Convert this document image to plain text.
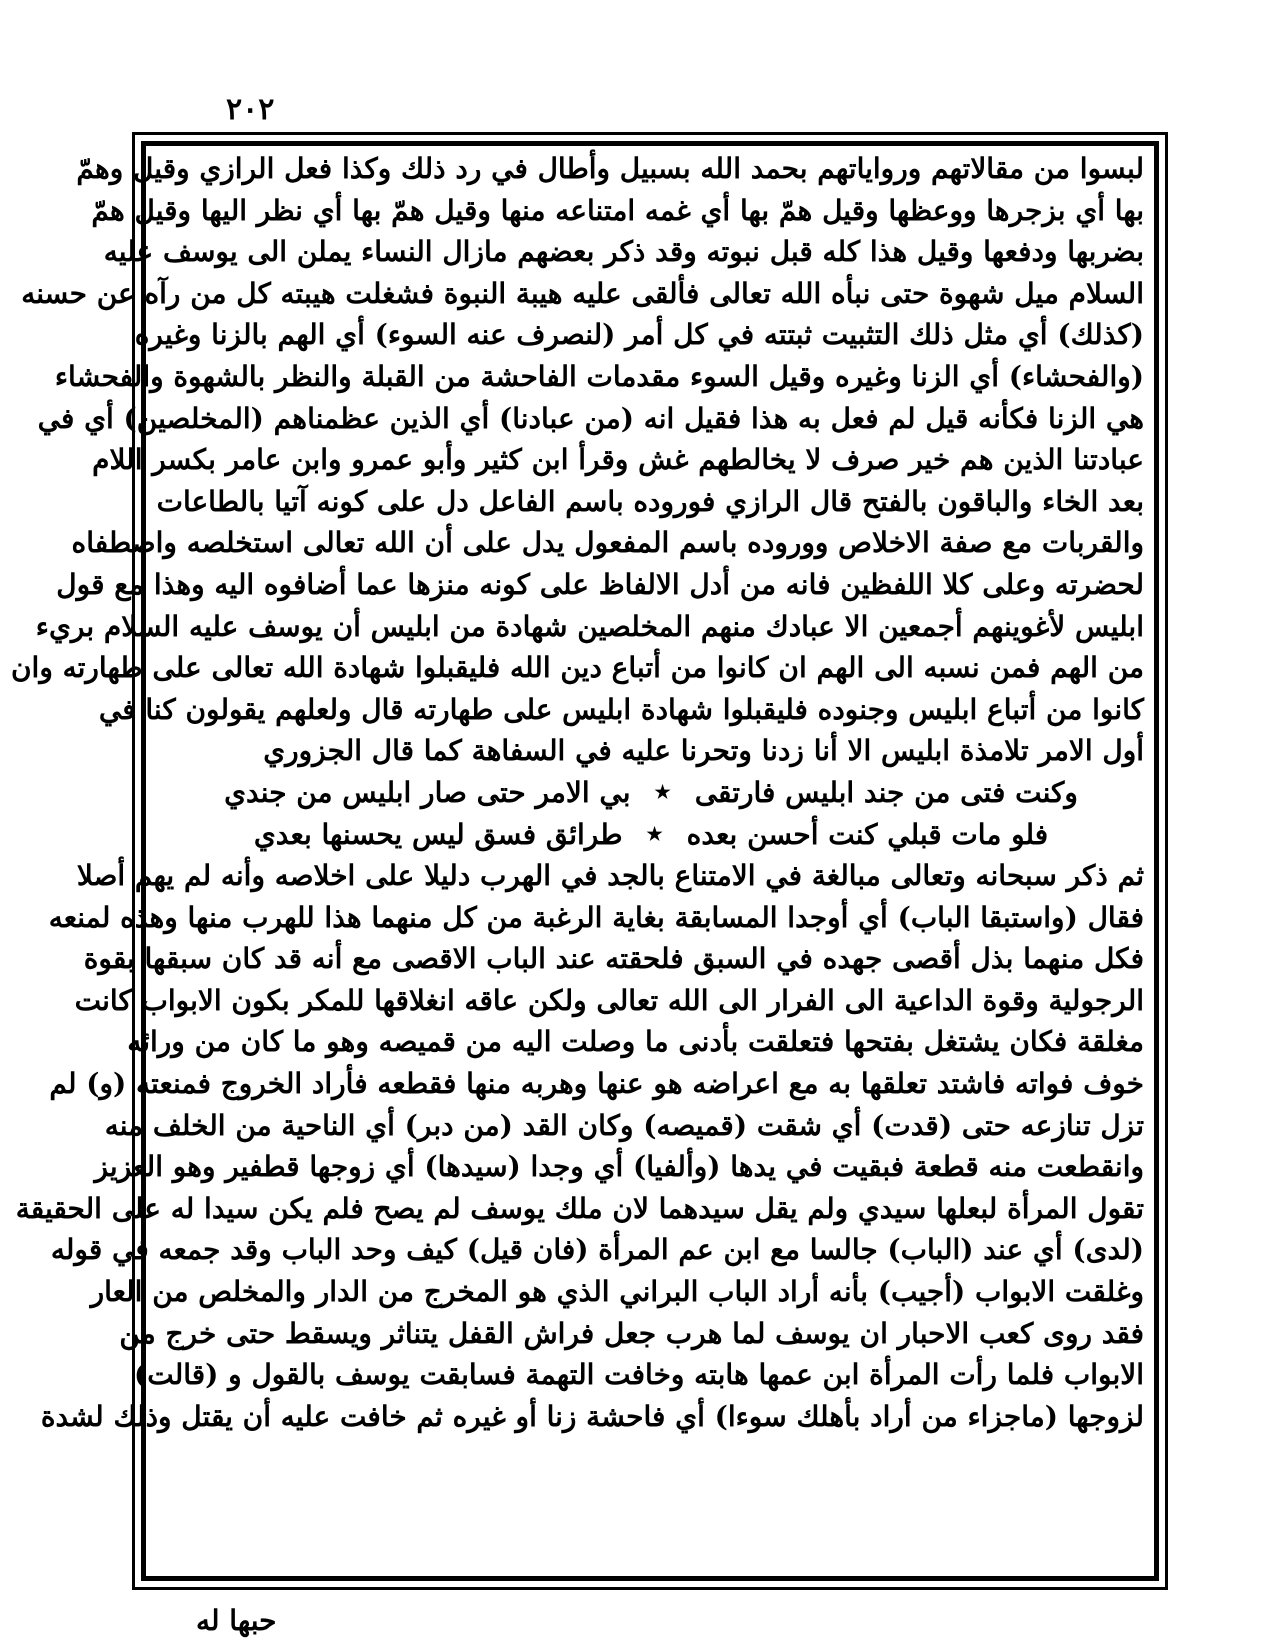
٢٠٢
لبسوا من مقالاتهم ورواياتهم بحمد الله بسبيل وأطال في رد ذلك وكذا فعل الرازي وقيل وهمّ
بها أي بزجرها ووعظها وقيل همّ بها أي غمه امتناعه منها وقيل همّ بها أي نظر اليها وقيل همّ
بضربها ودفعها وقيل هذا كله قبل نبوته وقد ذكر بعضهم مازال النساء يملن الى يوسف عليه
السلام ميل شهوة حتى نبأه الله تعالى فألقى عليه هيبة النبوة فشغلت هيبته كل من رآه عن حسنه
(كذلك) أي مثل ذلك التثبيت ثبتته في كل أمر (لنصرف عنه السوء) أي الهم بالزنا وغيره
(والفحشاء) أي الزنا وغيره وقيل السوء مقدمات الفاحشة من القبلة والنظر بالشهوة والفحشاء
هي الزنا فكأنه قيل لم فعل به هذا فقيل انه (من عبادنا) أي الذين عظمناهم (المخلصين) أي في
عبادتنا الذين هم خير صرف لا يخالطهم غش وقرأ ابن كثير وأبو عمرو وابن عامر بكسر اللام
بعد الخاء والباقون بالفتح قال الرازي فوروده باسم الفاعل دل على كونه آتيا بالطاعات
والقربات مع صفة الاخلاص ووروده باسم المفعول يدل على أن الله تعالى استخلصه واصطفاه
لحضرته وعلى كلا اللفظين فانه من أدل الالفاظ على كونه منزها عما أضافوه اليه وهذا مع قول
ابليس لأغوينهم أجمعين الا عبادك منهم المخلصين شهادة من ابليس أن يوسف عليه السلام بريء
من الهم فمن نسبه الى الهم ان كانوا من أتباع دين الله فليقبلوا شهادة الله تعالى على طهارته وان
كانوا من أتباع ابليس وجنوده فليقبلوا شهادة ابليس على طهارته قال ولعلهم يقولون كنا في
أول الامر تلامذة ابليس الا أنا زدنا وتحرنا عليه في السفاهة كما قال الجزوري
وكنت فتى من جند ابليس فارتقى
★
بي الامر حتى صار ابليس من جندي
فلو مات قبلي كنت أحسن بعده
★
طرائق فسق ليس يحسنها بعدي
ثم ذكر سبحانه وتعالى مبالغة في الامتناع بالجد في الهرب دليلا على اخلاصه وأنه لم يهم أصلا
فقال (واستبقا الباب) أي أوجدا المسابقة بغاية الرغبة من كل منهما هذا للهرب منها وهذه لمنعه
فكل منهما بذل أقصى جهده في السبق فلحقته عند الباب الاقصى مع أنه قد كان سبقها بقوة
الرجولية وقوة الداعية الى الفرار الى الله تعالى ولكن عاقه انغلاقها للمكر بكون الابواب كانت
مغلقة فكان يشتغل بفتحها فتعلقت بأدنى ما وصلت اليه من قميصه وهو ما كان من ورائه
خوف فواته فاشتد تعلقها به مع اعراضه هو عنها وهربه منها فقطعه فأراد الخروج فمنعته (و) لم
تزل تنازعه حتى (قدت) أي شقت (قميصه) وكان القد (من دبر) أي الناحية من الخلف منه
وانقطعت منه قطعة فبقيت في يدها (وألفيا) أي وجدا (سيدها) أي زوجها قطفير وهو العزيز
تقول المرأة لبعلها سيدي ولم يقل سيدهما لان ملك يوسف لم يصح فلم يكن سيدا له على الحقيقة
(لدى) أي عند (الباب) جالسا مع ابن عم المرأة (فان قيل) كيف وحد الباب وقد جمعه في قوله
وغلقت الابواب (أجيب) بأنه أراد الباب البراني الذي هو المخرج من الدار والمخلص من العار
فقد روى كعب الاحبار ان يوسف لما هرب جعل فراش القفل يتناثر ويسقط حتى خرج من
الابواب فلما رأت المرأة ابن عمها هابته وخافت التهمة فسابقت يوسف بالقول و (قالت)
لزوجها (ماجزاء من أراد بأهلك سوءا) أي فاحشة زنا أو غيره ثم خافت عليه أن يقتل وذلك لشدة
حبها له
